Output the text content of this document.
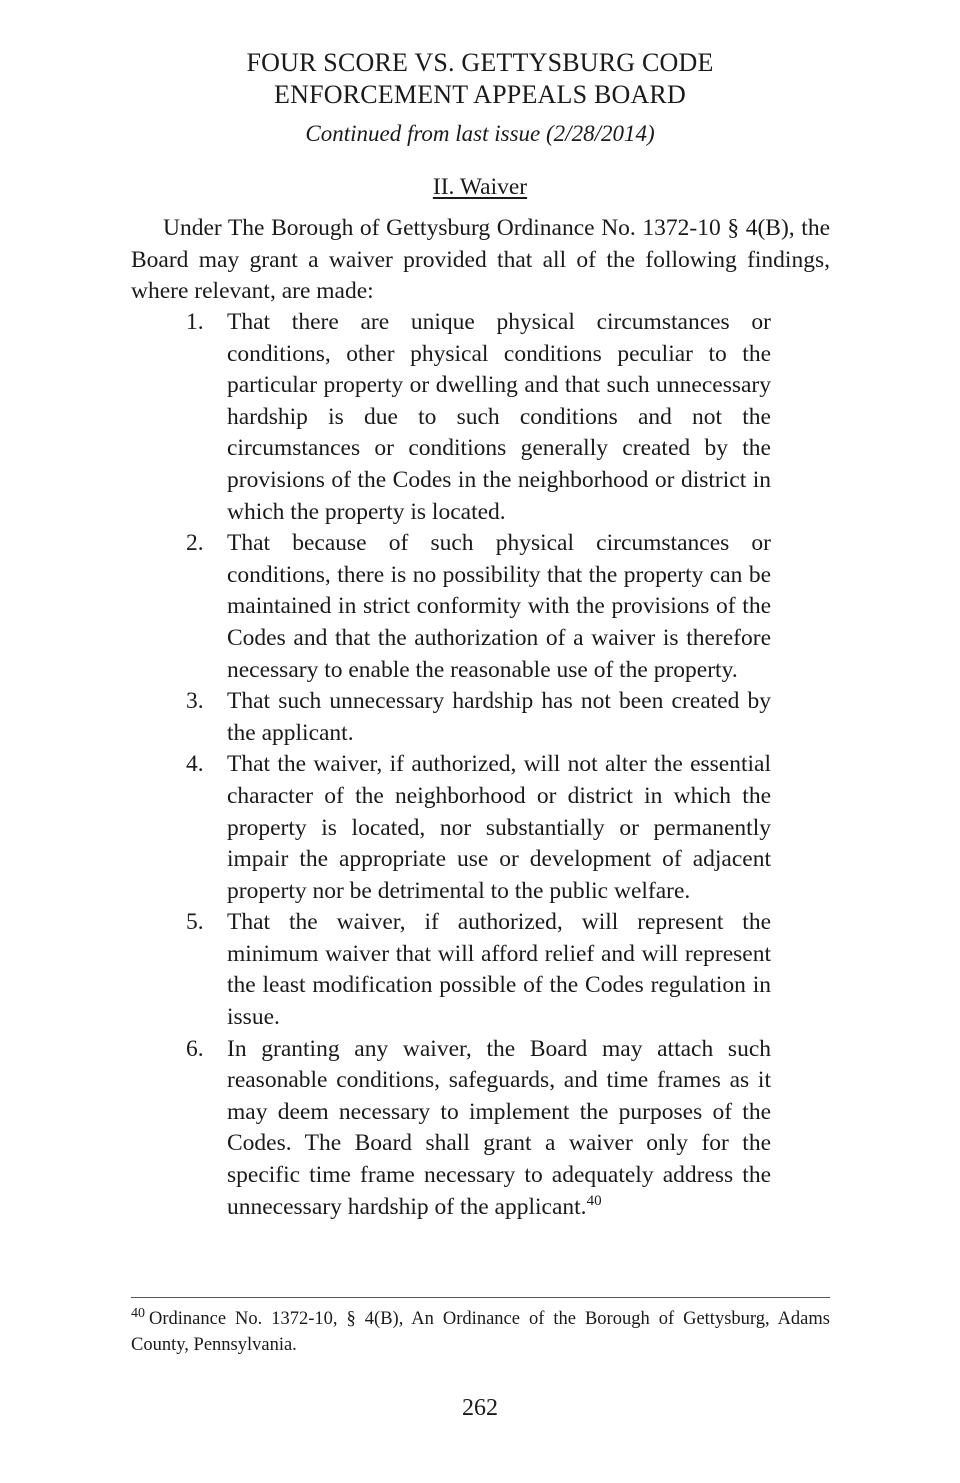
FOUR SCORE VS. GETTYSBURG CODE
ENFORCEMENT APPEALS BOARD
Continued from last issue (2/28/2014)
II. Waiver

Under The Borough of Gettysburg Ordinance No. 1372-10 § 4(B), the Board may grant a waiver provided that all of the following findings, where relevant, are made:

1. That there are unique physical circumstances or conditions, other physical conditions peculiar to the particular property or dwelling and that such unnecessary hardship is due to such conditions and not the circumstances or conditions generally created by the provisions of the Codes in the neighborhood or district in which the property is located.
2. That because of such physical circumstances or conditions, there is no possibility that the property can be maintained in strict conformity with the provisions of the Codes and that the authorization of a waiver is therefore necessary to enable the reasonable use of the property.
3. That such unnecessary hardship has not been created by the applicant.
4. That the waiver, if authorized, will not alter the essential character of the neighborhood or district in which the property is located, nor substantially or permanently impair the appropriate use or development of adjacent property nor be detrimental to the public welfare.
5. That the waiver, if authorized, will represent the minimum waiver that will afford relief and will represent the least modification possible of the Codes regulation in issue.
6. In granting any waiver, the Board may attach such reasonable conditions, safeguards, and time frames as it may deem necessary to implement the purposes of the Codes. The Board shall grant a waiver only for the specific time frame necessary to adequately address the unnecessary hardship of the applicant.$^{40}$

$^{40}$ Ordinance No. 1372-10, § 4(B), An Ordinance of the Borough of Gettysburg, Adams County, Pennsylvania.

262
